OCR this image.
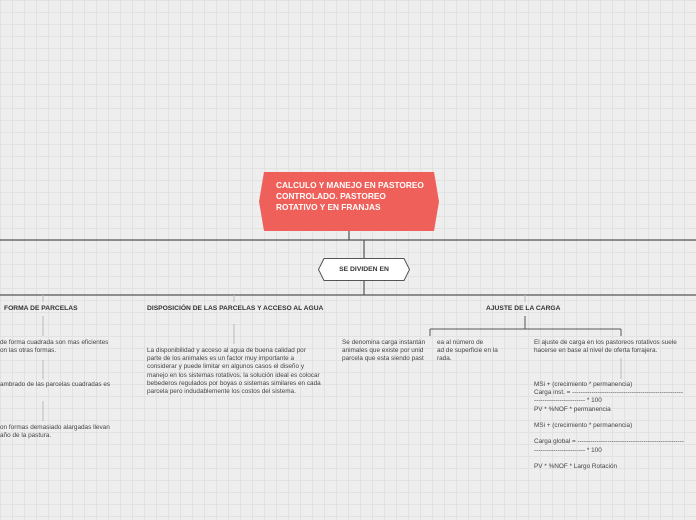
CALCULO Y MANEJO EN PASTOREO CONTROLADO. PASTOREO ROTATIVO Y EN FRANJAS
SE DIVIDEN EN
FORMA DE PARCELAS
de forma cuadrada son mas eficientes
on las otras formas.
ambrado de las parcelas cuadradas es
on formas demasiado alargadas llevan
año de la pastura.
DISPOSICIÓN DE LAS PARCELAS Y ACCESO AL AGUA
La disponibilidad y acceso al agua de buena calidad por parte de los animales es un factor muy importante a considerar y puede limitar en algunos casos el diseño y manejo en los sistemas rotativos. la solución ideal es colocar bebederos regulados por boyas o sistemas similares en cada parcela pero indudablemente los costos del sistema.
AJUSTE DE LA CARGA
Se denomina carga instantán
animales que existe por unid
parcela que esta siendo past
ea al número de
ad de superficie en la
rada.
El ajuste de carga en los pastoreos rotativos suele
hacerse en base al nivel de oferta forrajera.
MSi + (crecimiento * permanencia)
Carga inst. = ----------------------------------------------------
------------------------ * 100
PV * %NOF * permanencia
MSi + (crecimiento * permanencia)
Carga global = --------------------------------------------------
------------------------ * 100
PV * %NOF * Largo Rotación
